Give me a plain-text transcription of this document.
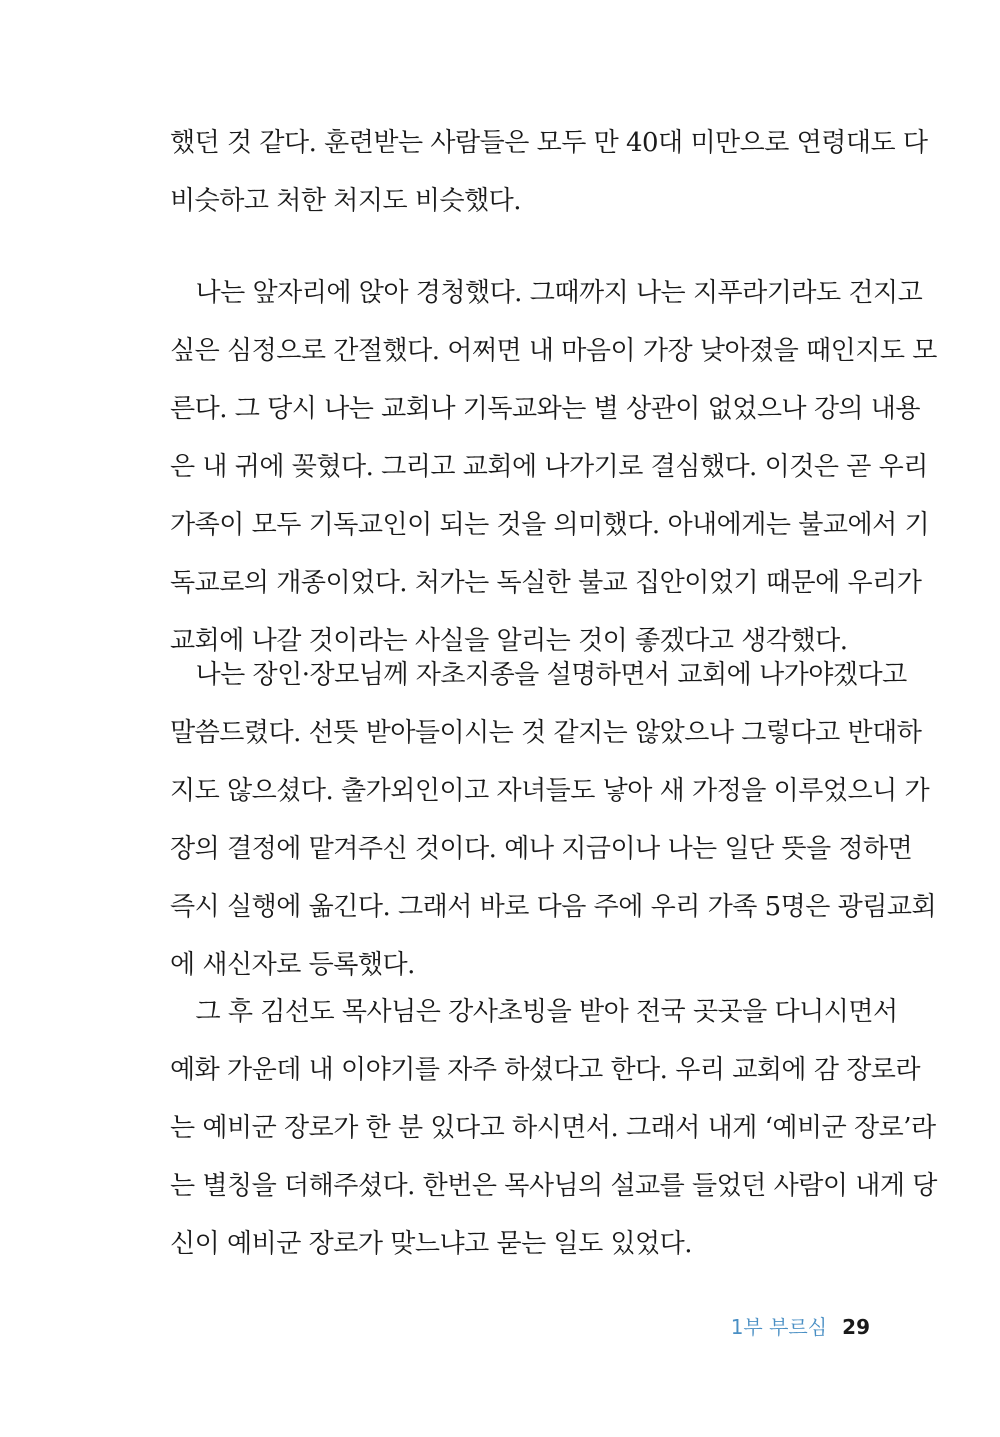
했던 것 같다. 훈련받는 사람들은 모두 만 40대 미만으로 연령대도 다
비슷하고 처한 처지도 비슷했다.
　나는 앞자리에 앉아 경청했다. 그때까지 나는 지푸라기라도 건지고
싶은 심정으로 간절했다. 어쩌면 내 마음이 가장 낮아졌을 때인지도 모
른다. 그 당시 나는 교회나 기독교와는 별 상관이 없었으나 강의 내용
은 내 귀에 꽂혔다. 그리고 교회에 나가기로 결심했다. 이것은 곧 우리
가족이 모두 기독교인이 되는 것을 의미했다. 아내에게는 불교에서 기
독교로의 개종이었다. 처가는 독실한 불교 집안이었기 때문에 우리가
교회에 나갈 것이라는 사실을 알리는 것이 좋겠다고 생각했다.
　나는 장인·장모님께 자초지종을 설명하면서 교회에 나가야겠다고
말씀드렸다. 선뜻 받아들이시는 것 같지는 않았으나 그렇다고 반대하
지도 않으셨다. 출가외인이고 자녀들도 낳아 새 가정을 이루었으니 가
장의 결정에 맡겨주신 것이다. 예나 지금이나 나는 일단 뜻을 정하면
즉시 실행에 옮긴다. 그래서 바로 다음 주에 우리 가족 5명은 광림교회
에 새신자로 등록했다.
　그 후 김선도 목사님은 강사초빙을 받아 전국 곳곳을 다니시면서
예화 가운데 내 이야기를 자주 하셨다고 한다. 우리 교회에 감 장로라
는 예비군 장로가 한 분 있다고 하시면서. 그래서 내게 ‘예비군 장로’라
는 별칭을 더해주셨다. 한번은 목사님의 설교를 들었던 사람이 내게 당
신이 예비군 장로가 맞느냐고 묻는 일도 있었다.
1부 부르심 29
